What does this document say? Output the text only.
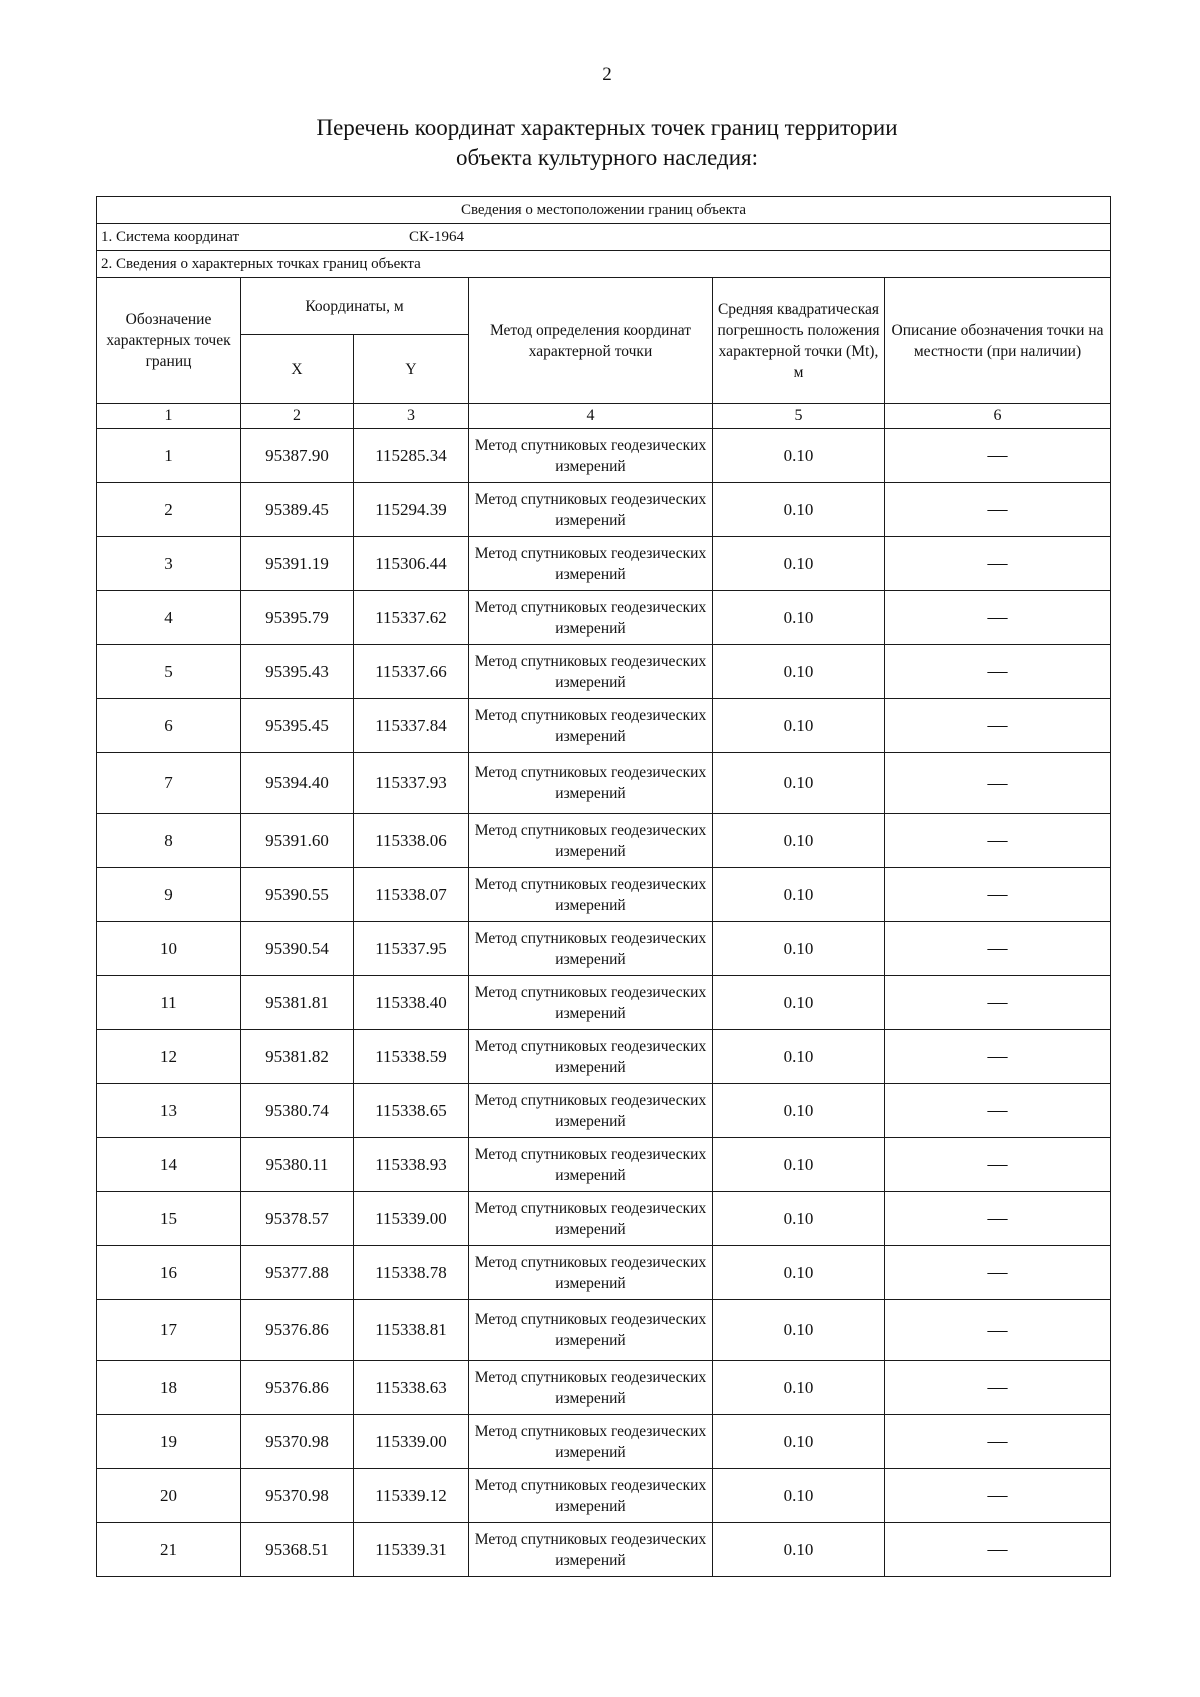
2
Перечень координат характерных точек границ территории
объекта культурного наследия:
Сведения о местоположении границ объекта					
1. Система координат СК-1964					
2. Сведения о характерных точках границ объекта					
Обозначение характерных точек границ	Координаты, м		Метод определения координат характерной точки	Средняя квадратическая погрешность положения характерной точки (Mt), м	Описание обозначения точки на местности (при наличии)
	X	Y			
1	2	3	4	5	6
1	95387.90	115285.34	Метод спутниковых геодезических измерений	0.10	—
2	95389.45	115294.39	Метод спутниковых геодезических измерений	0.10	—
3	95391.19	115306.44	Метод спутниковых геодезических измерений	0.10	—
4	95395.79	115337.62	Метод спутниковых геодезических измерений	0.10	—
5	95395.43	115337.66	Метод спутниковых геодезических измерений	0.10	—
6	95395.45	115337.84	Метод спутниковых геодезических измерений	0.10	—
7	95394.40	115337.93	Метод спутниковых геодезических измерений	0.10	—
8	95391.60	115338.06	Метод спутниковых геодезических измерений	0.10	—
9	95390.55	115338.07	Метод спутниковых геодезических измерений	0.10	—
10	95390.54	115337.95	Метод спутниковых геодезических измерений	0.10	—
11	95381.81	115338.40	Метод спутниковых геодезических измерений	0.10	—
12	95381.82	115338.59	Метод спутниковых геодезических измерений	0.10	—
13	95380.74	115338.65	Метод спутниковых геодезических измерений	0.10	—
14	95380.11	115338.93	Метод спутниковых геодезических измерений	0.10	—
15	95378.57	115339.00	Метод спутниковых геодезических измерений	0.10	—
16	95377.88	115338.78	Метод спутниковых геодезических измерений	0.10	—
17	95376.86	115338.81	Метод спутниковых геодезических измерений	0.10	—
18	95376.86	115338.63	Метод спутниковых геодезических измерений	0.10	—
19	95370.98	115339.00	Метод спутниковых геодезических измерений	0.10	—
20	95370.98	115339.12	Метод спутниковых геодезических измерений	0.10	—
21	95368.51	115339.31	Метод спутниковых геодезических измерений	0.10	—
